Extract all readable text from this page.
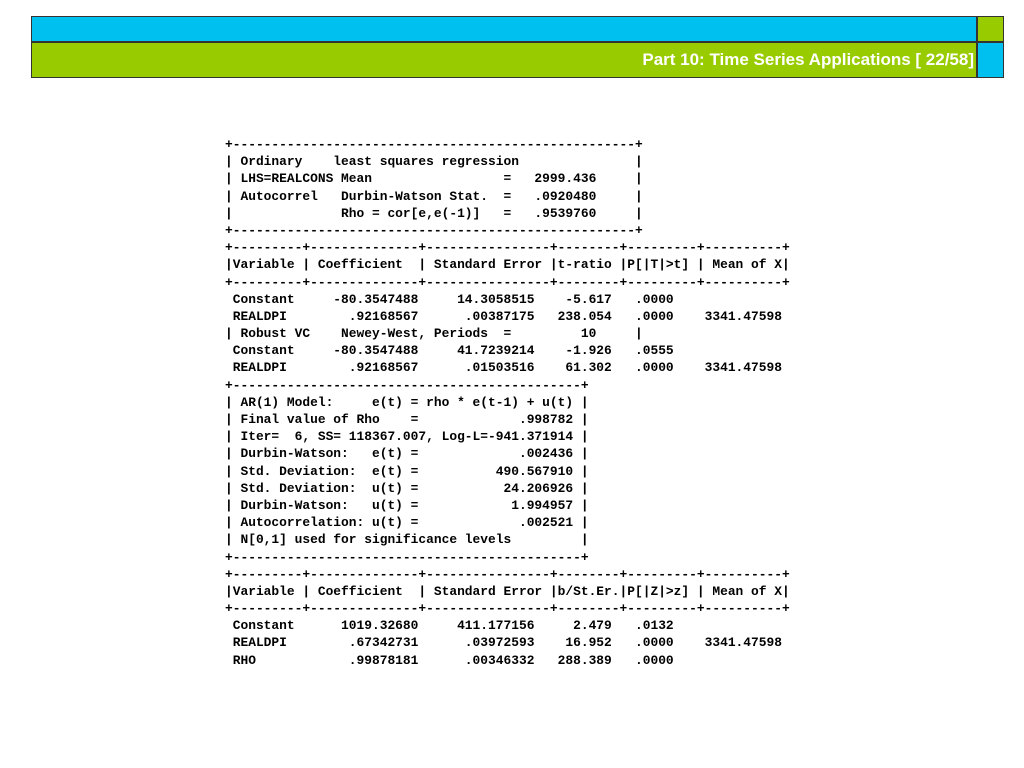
Part 10: Time Series Applications [ 22/58]
+----------------------------------------------------+
| Ordinary    least squares regression               |
| LHS=REALCONS Mean                 =   2999.436     |
| Autocorrel   Durbin-Watson Stat.  =   .0920480     |
|              Rho = cor[e,e(-1)]   =   .9539760     |
+----------------------------------------------------+
+---------+--------------+----------------+--------+---------+----------+
|Variable | Coefficient  | Standard Error |t-ratio |P[|T|>t] | Mean of X|
+---------+--------------+----------------+--------+---------+----------+
Constant     -80.3547488     14.3058515    -5.617   .0000
REALDPI        .92168567      .00387175   238.054   .0000    3341.47598
| Robust VC    Newey-West, Periods  =         10     |
Constant     -80.3547488     41.7239214    -1.926   .0555
REALDPI        .92168567      .01503516    61.302   .0000    3341.47598
+---------------------------------------------+
| AR(1) Model:     e(t) = rho * e(t-1) + u(t) |
| Final value of Rho    =             .998782 |
| Iter=  6, SS= 118367.007, Log-L=-941.371914 |
| Durbin-Watson:   e(t) =             .002436 |
| Std. Deviation:  e(t) =          490.567910 |
| Std. Deviation:  u(t) =           24.206926 |
| Durbin-Watson:   u(t) =            1.994957 |
| Autocorrelation: u(t) =             .002521 |
| N[0,1] used for significance levels         |
+---------------------------------------------+
+---------+--------------+----------------+--------+---------+----------+
|Variable | Coefficient  | Standard Error |b/St.Er.|P[|Z|>z] | Mean of X|
+---------+--------------+----------------+--------+---------+----------+
Constant      1019.32680     411.177156     2.479   .0132
REALDPI        .67342731      .03972593    16.952   .0000    3341.47598
RHO            .99878181      .00346332   288.389   .0000
